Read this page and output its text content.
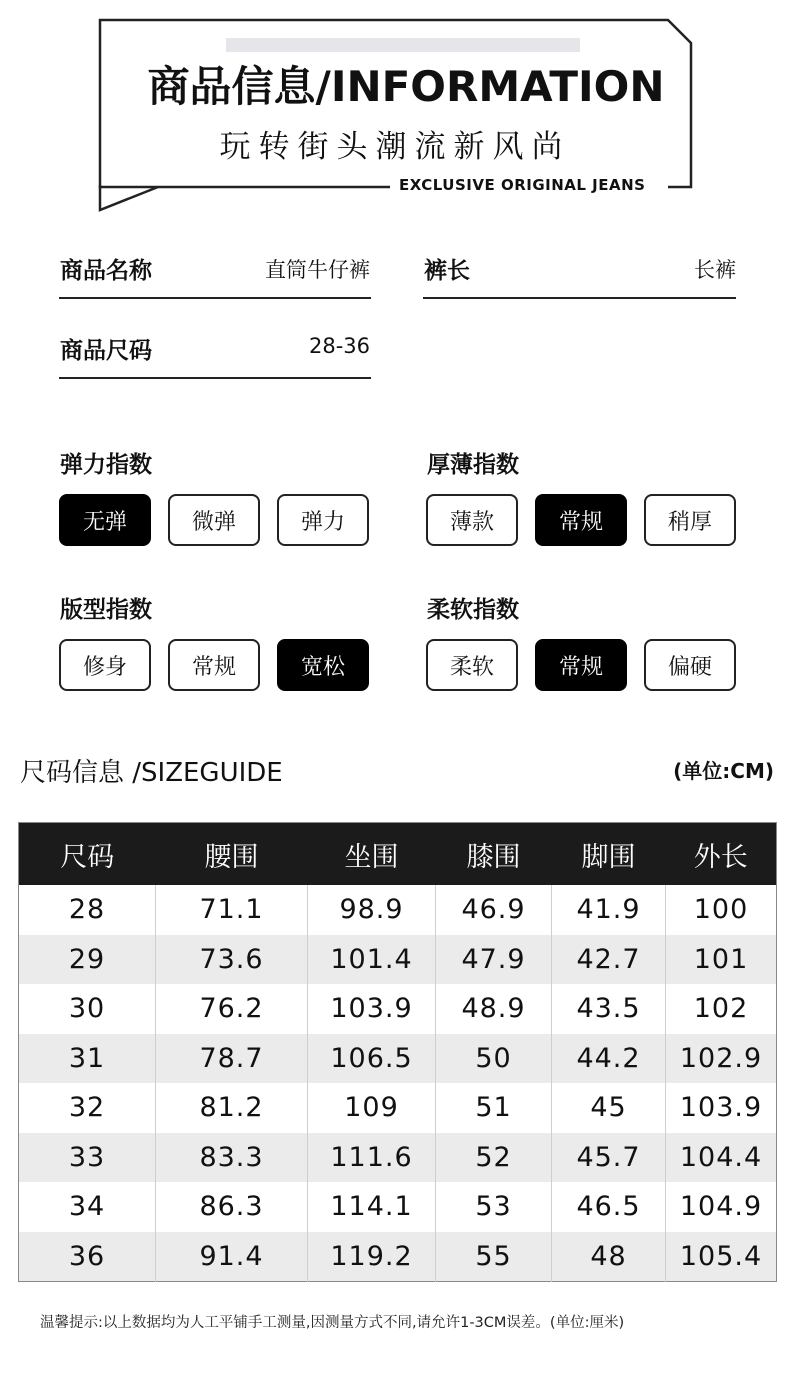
商品信息/INFORMATION
玩转街头潮流新风尚
EXCLUSIVE ORIGINAL JEANS
商品名称	直筒牛仔裤 裤长	长裤
商品尺码	28-36
弹力指数
无弹	微弹	弹力
厚薄指数
薄款	常规	稍厚
版型指数
修身	常规	宽松
柔软指数
柔软	常规	偏硬
尺码信息 /SIZEGUIDE	(单位:CM)
尺码	腰围	坐围	膝围	脚围	外长
28	71.1	98.9	46.9	41.9	100
29	73.6	101.4	47.9	42.7	101
30	76.2	103.9	48.9	43.5	102
31	78.7	106.5	50	44.2	102.9
32	81.2	109	51	45	103.9
33	83.3	111.6	52	45.7	104.4
34	86.3	114.1	53	46.5	104.9
36	91.4	119.2	55	48	105.4
温馨提示:以上数据均为人工平铺手工测量,因测量方式不同,请允许1-3CM误差。(单位:厘米)
